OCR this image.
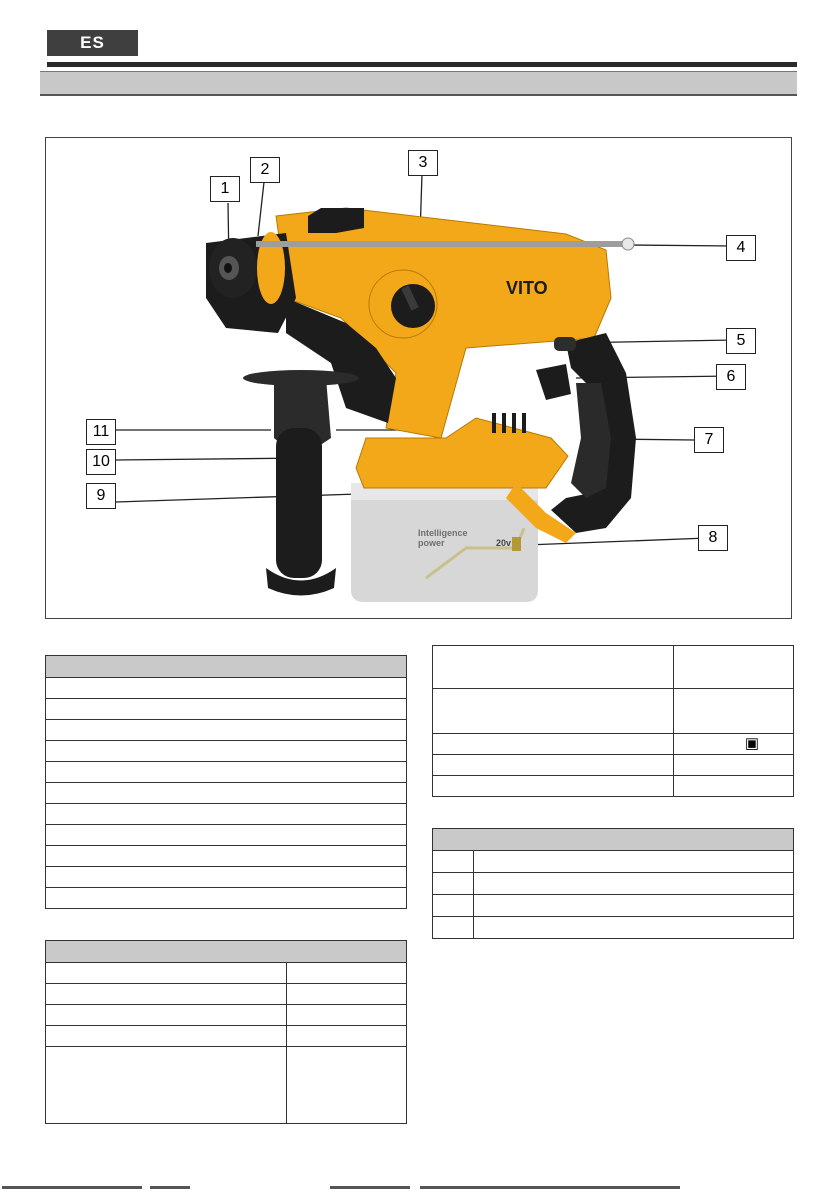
ES
Intelligence
power	20v
VITO
1
2	3
4
5
6
7
8
9
10
11

	▣
